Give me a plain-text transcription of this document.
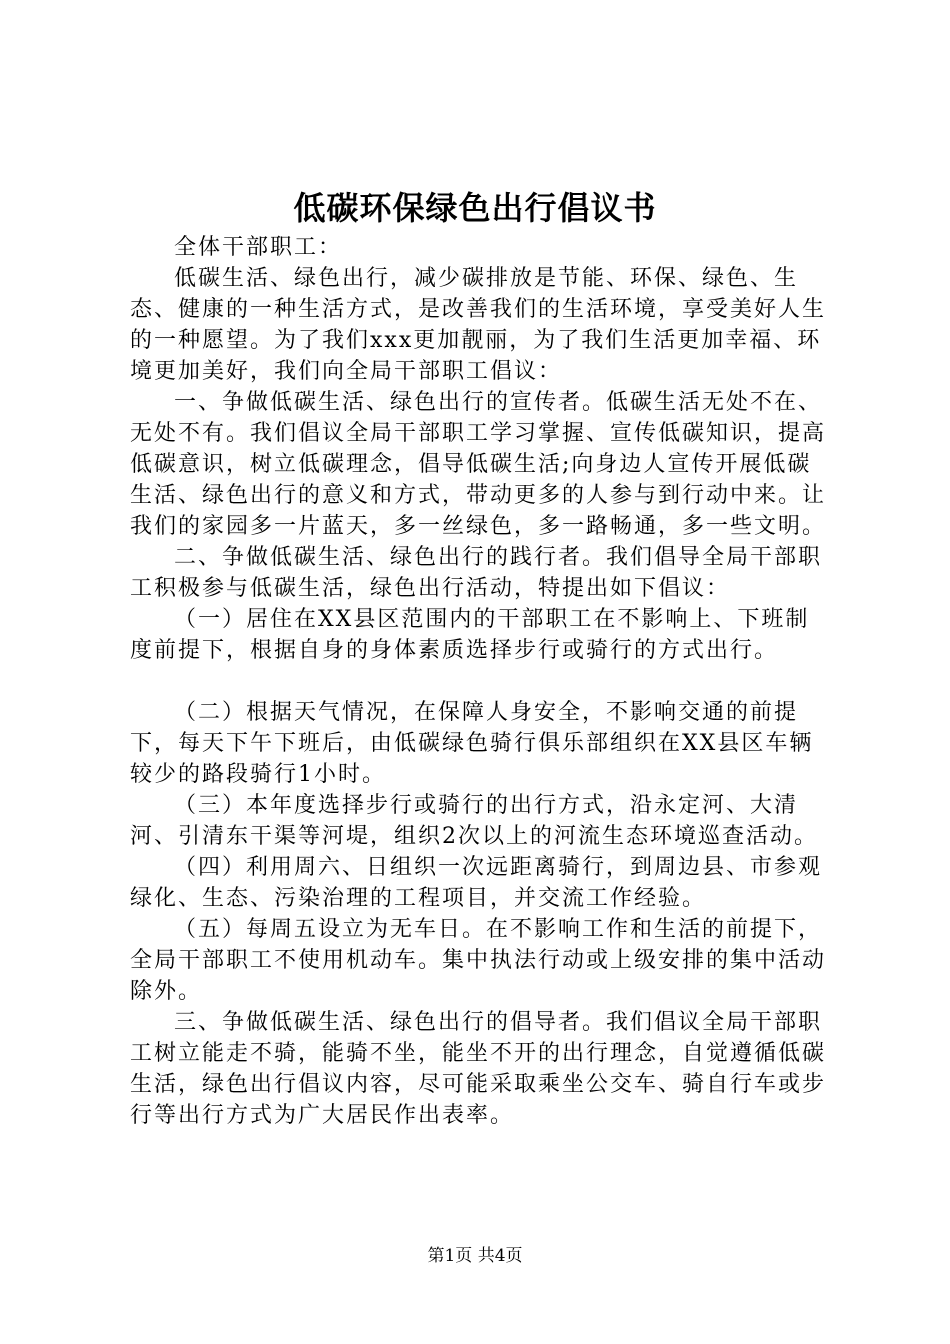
低碳环保绿色出行倡议书

全体干部职工：

低碳生活、绿色出行，减少碳排放是节能、环保、绿色、生态、健康的一种生活方式，是改善我们的生活环境，享受美好人生的一种愿望。为了我们xxx更加靓丽，为了我们生活更加幸福、环境更加美好，我们向全局干部职工倡议：

一、争做低碳生活、绿色出行的宣传者。低碳生活无处不在、无处不有。我们倡议全局干部职工学习掌握、宣传低碳知识，提高低碳意识，树立低碳理念，倡导低碳生活;向身边人宣传开展低碳生活、绿色出行的意义和方式，带动更多的人参与到行动中来。让我们的家园多一片蓝天，多一丝绿色，多一路畅通，多一些文明。

二、争做低碳生活、绿色出行的践行者。我们倡导全局干部职工积极参与低碳生活，绿色出行活动，特提出如下倡议：

（一）居住在XX县区范围内的干部职工在不影响上、下班制度前提下，根据自身的身体素质选择步行或骑行的方式出行。

（二）根据天气情况，在保障人身安全，不影响交通的前提下，每天下午下班后，由低碳绿色骑行俱乐部组织在XX县区车辆较少的路段骑行1小时。

（三）本年度选择步行或骑行的出行方式，沿永定河、大清河、引清东干渠等河堤，组织2次以上的河流生态环境巡查活动。

（四）利用周六、日组织一次远距离骑行，到周边县、市参观绿化、生态、污染治理的工程项目，并交流工作经验。

（五）每周五设立为无车日。在不影响工作和生活的前提下，全局干部职工不使用机动车。集中执法行动或上级安排的集中活动除外。

三、争做低碳生活、绿色出行的倡导者。我们倡议全局干部职工树立能走不骑，能骑不坐，能坐不开的出行理念，自觉遵循低碳生活，绿色出行倡议内容，尽可能采取乘坐公交车、骑自行车或步行等出行方式为广大居民作出表率。

第1页 共4页
